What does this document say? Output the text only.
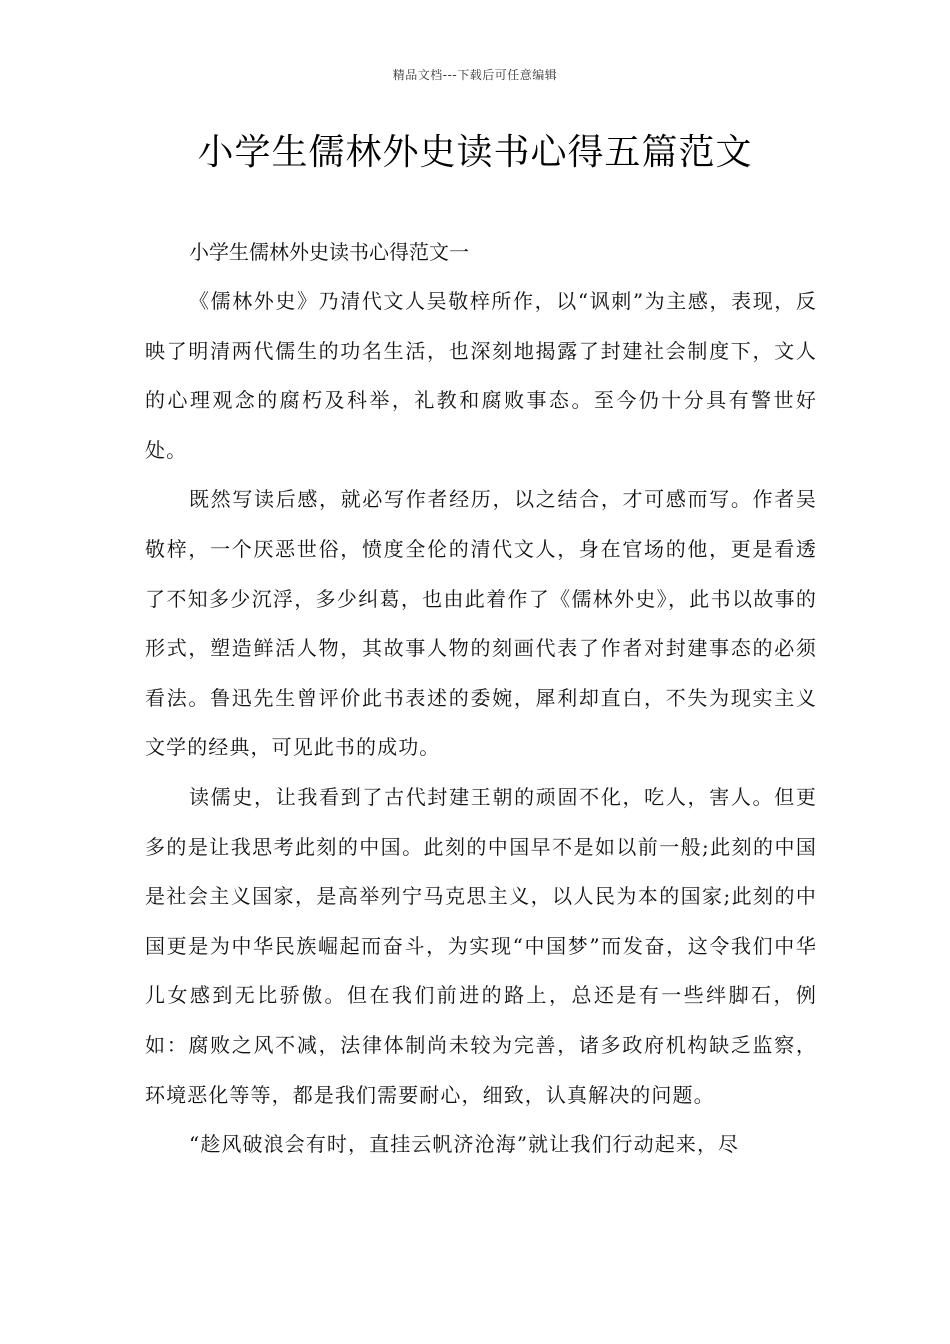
精品文档---下载后可任意编辑
小学生儒林外史读书心得五篇范文

小学生儒林外史读书心得范文一

《儒林外史》乃清代文人吴敬梓所作，以“讽刺”为主感，表现，反映了明清两代儒生的功名生活，也深刻地揭露了封建社会制度下，文人的心理观念的腐朽及科举，礼教和腐败事态。至今仍十分具有警世好处。

既然写读后感，就必写作者经历，以之结合，才可感而写。作者吴敬梓，一个厌恶世俗，愤度全伦的清代文人，身在官场的他，更是看透了不知多少沉浮，多少纠葛，也由此着作了《儒林外史》，此书以故事的形式，塑造鲜活人物，其故事人物的刻画代表了作者对封建事态的必须看法。鲁迅先生曾评价此书表述的委婉，犀利却直白，不失为现实主义文学的经典，可见此书的成功。

读儒史，让我看到了古代封建王朝的顽固不化，吃人，害人。但更多的是让我思考此刻的中国。此刻的中国早不是如以前一般;此刻的中国是社会主义国家，是高举列宁马克思主义，以人民为本的国家;此刻的中国更是为中华民族崛起而奋斗，为实现“中国梦”而发奋，这令我们中华儿女感到无比骄傲。但在我们前进的路上，总还是有一些绊脚石，例如：腐败之风不减，法律体制尚未较为完善，诸多政府机构缺乏监察，环境恶化等等，都是我们需要耐心，细致，认真解决的问题。

“趁风破浪会有时，直挂云帆济沧海”就让我们行动起来，尽
